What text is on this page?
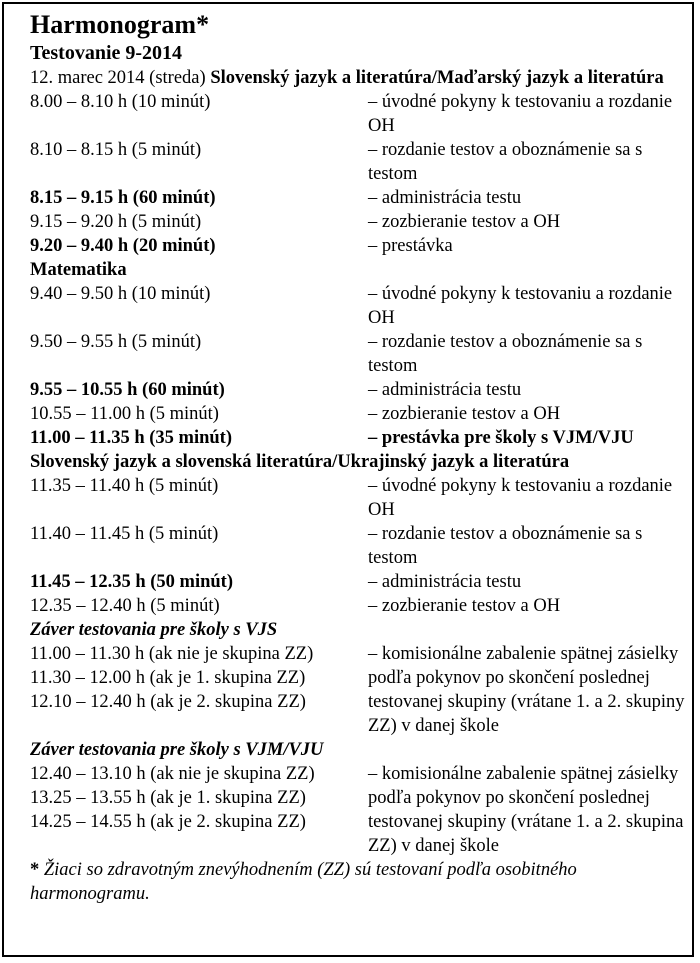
Harmonogram*
Testovanie 9-2014
12. marec 2014 (streda) Slovenský jazyk a literatúra/Maďarský jazyk a literatúra
8.00 – 8.10 h (10 minút)	– úvodné pokyny k testovaniu a rozdanie OH
8.10 – 8.15 h (5 minút)	– rozdanie testov a oboznámenie sa s testom
8.15 – 9.15 h (60 minút)	– administrácia testu
9.15 – 9.20 h (5 minút)	– zozbieranie testov a OH
9.20 – 9.40 h (20 minút)	– prestávka
Matematika
9.40 – 9.50 h (10 minút)	– úvodné pokyny k testovaniu a rozdanie OH
9.50 – 9.55 h (5 minút)	– rozdanie testov a oboznámenie sa s testom
9.55 – 10.55 h (60 minút)	– administrácia testu
10.55 – 11.00 h (5 minút)	– zozbieranie testov a OH
11.00 – 11.35 h (35 minút)	– prestávka pre školy s VJM/VJU
Slovenský jazyk a slovenská literatúra/Ukrajinský jazyk a literatúra
11.35 – 11.40 h (5 minút)	– úvodné pokyny k testovaniu a rozdanie OH
11.40 – 11.45 h (5 minút)	– rozdanie testov a oboznámenie sa s testom
11.45 – 12.35 h (50 minút)	– administrácia testu
12.35 – 12.40 h (5 minút)	– zozbieranie testov a OH
Záver testovania pre školy s VJS
11.00 – 11.30 h (ak nie je skupina ZZ)
11.30 – 12.00 h (ak je 1. skupina ZZ)
12.10 – 12.40 h (ak je 2. skupina ZZ)
– komisionálne zabalenie spätnej zásielky podľa pokynov po skončení poslednej testovanej skupiny (vrátane 1. a 2. skupiny ZZ) v danej škole
Záver testovania pre školy s VJM/VJU
12.40 – 13.10 h (ak nie je skupina ZZ)
13.25 – 13.55 h (ak je 1. skupina ZZ)
14.25 – 14.55 h (ak je 2. skupina ZZ)
– komisionálne zabalenie spätnej zásielky podľa pokynov po skončení poslednej testovanej skupiny (vrátane 1. a 2. skupina ZZ) v danej škole
* Žiaci so zdravotným znevýhodnením (ZZ) sú testovaní podľa osobitného harmonogramu.
